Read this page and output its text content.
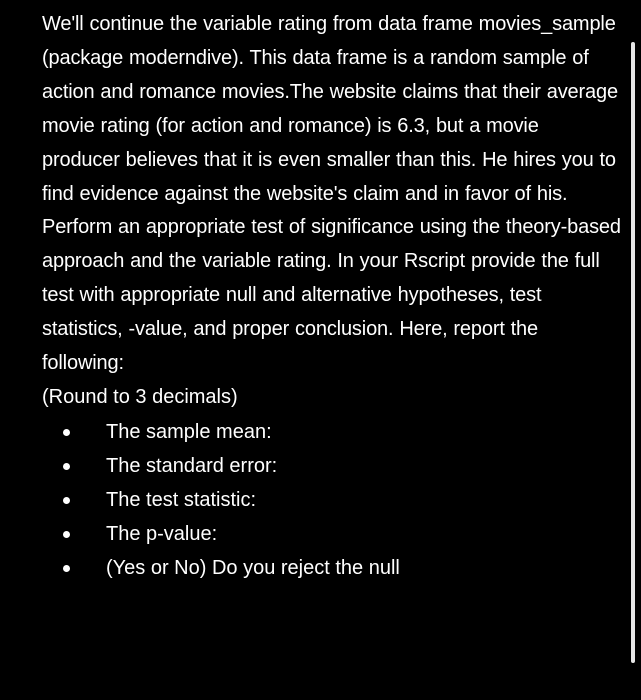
We'll continue the variable rating from data frame movies_sample (package moderndive). This data frame is a random sample of action and romance movies.The website claims that their average movie rating (for action and romance) is 6.3, but a movie producer believes that it is even smaller than this. He hires you to find evidence against the website's claim and in favor of his. Perform an appropriate test of significance using the theory-based approach and the variable rating. In your Rscript provide the full test with appropriate null and alternative hypotheses, test statistics, -value, and proper conclusion. Here, report the following:

(Round to 3 decimals)

The sample mean:
The standard error:
The test statistic:
The p-value:
(Yes or No) Do you reject the null
